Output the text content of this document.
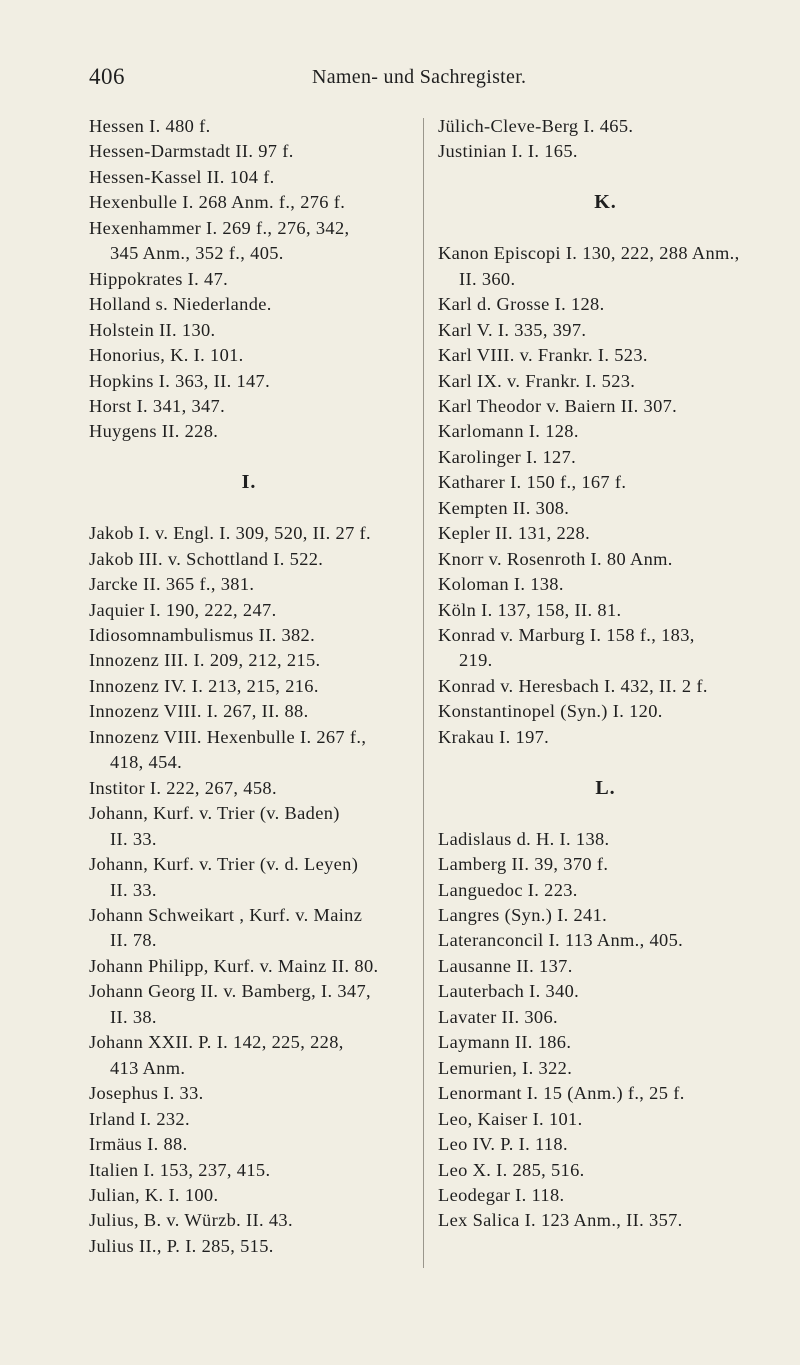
406	Namen- und Sachregister.

Hessen I. 480 f.

Hessen-Darmstadt II. 97 f.

Hessen-Kassel II. 104 f.

Hexenbulle I. 268 Anm. f., 276 f.

Hexenhammer I. 269 f., 276, 342,

345 Anm., 352 f., 405.

Hippokrates I. 47.

Holland s. Niederlande.

Holstein II. 130.

Honorius, K. I. 101.

Hopkins I. 363, II. 147.

Horst I. 341, 347.

Huygens II. 228.

I.

Jakob I. v. Engl. I. 309, 520, II. 27 f.

Jakob III. v. Schottland I. 522.

Jarcke II. 365 f., 381.

Jaquier I. 190, 222, 247.

Idiosomnambulismus II. 382.

Innozenz III. I. 209, 212, 215.

Innozenz IV. I. 213, 215, 216.

Innozenz VIII. I. 267, II. 88.

Innozenz VIII. Hexenbulle I. 267 f.,

418, 454.

Institor I. 222, 267, 458.

Johann, Kurf. v. Trier (v. Baden)

II. 33.

Johann, Kurf. v. Trier (v. d. Leyen)

II. 33.

Johann Schweikart , Kurf. v. Mainz

II. 78.

Johann Philipp, Kurf. v. Mainz II. 80.

Johann Georg II. v. Bamberg, I. 347,

II. 38.

Johann XXII. P. I. 142, 225, 228,

413 Anm.

Josephus I. 33.

Irland I. 232.

Irmäus I. 88.

Italien I. 153, 237, 415.

Julian, K. I. 100.

Julius, B. v. Würzb. II. 43.

Julius II., P. I. 285, 515.

Jülich-Cleve-Berg I. 465.

Justinian I. I. 165.

K.

Kanon Episcopi I. 130, 222, 288 Anm.,

II. 360.

Karl d. Grosse I. 128.

Karl V. I. 335, 397.

Karl VIII. v. Frankr. I. 523.

Karl IX. v. Frankr. I. 523.

Karl Theodor v. Baiern II. 307.

Karlomann I. 128.

Karolinger I. 127.

Katharer I. 150 f., 167 f.

Kempten II. 308.

Kepler II. 131, 228.

Knorr v. Rosenroth I. 80 Anm.

Koloman I. 138.

Köln I. 137, 158, II. 81.

Konrad v. Marburg I. 158 f., 183,

219.

Konrad v. Heresbach I. 432, II. 2 f.

Konstantinopel (Syn.) I. 120.

Krakau I. 197.

L.

Ladislaus d. H. I. 138.

Lamberg II. 39, 370 f.

Languedoc I. 223.

Langres (Syn.) I. 241.

Lateranconcil I. 113 Anm., 405.

Lausanne II. 137.

Lauterbach I. 340.

Lavater II. 306.

Laymann II. 186.

Lemurien, I. 322.

Lenormant I. 15 (Anm.) f., 25 f.

Leo, Kaiser I. 101.

Leo IV. P. I. 118.

Leo X. I. 285, 516.

Leodegar I. 118.

Lex Salica I. 123 Anm., II. 357.
